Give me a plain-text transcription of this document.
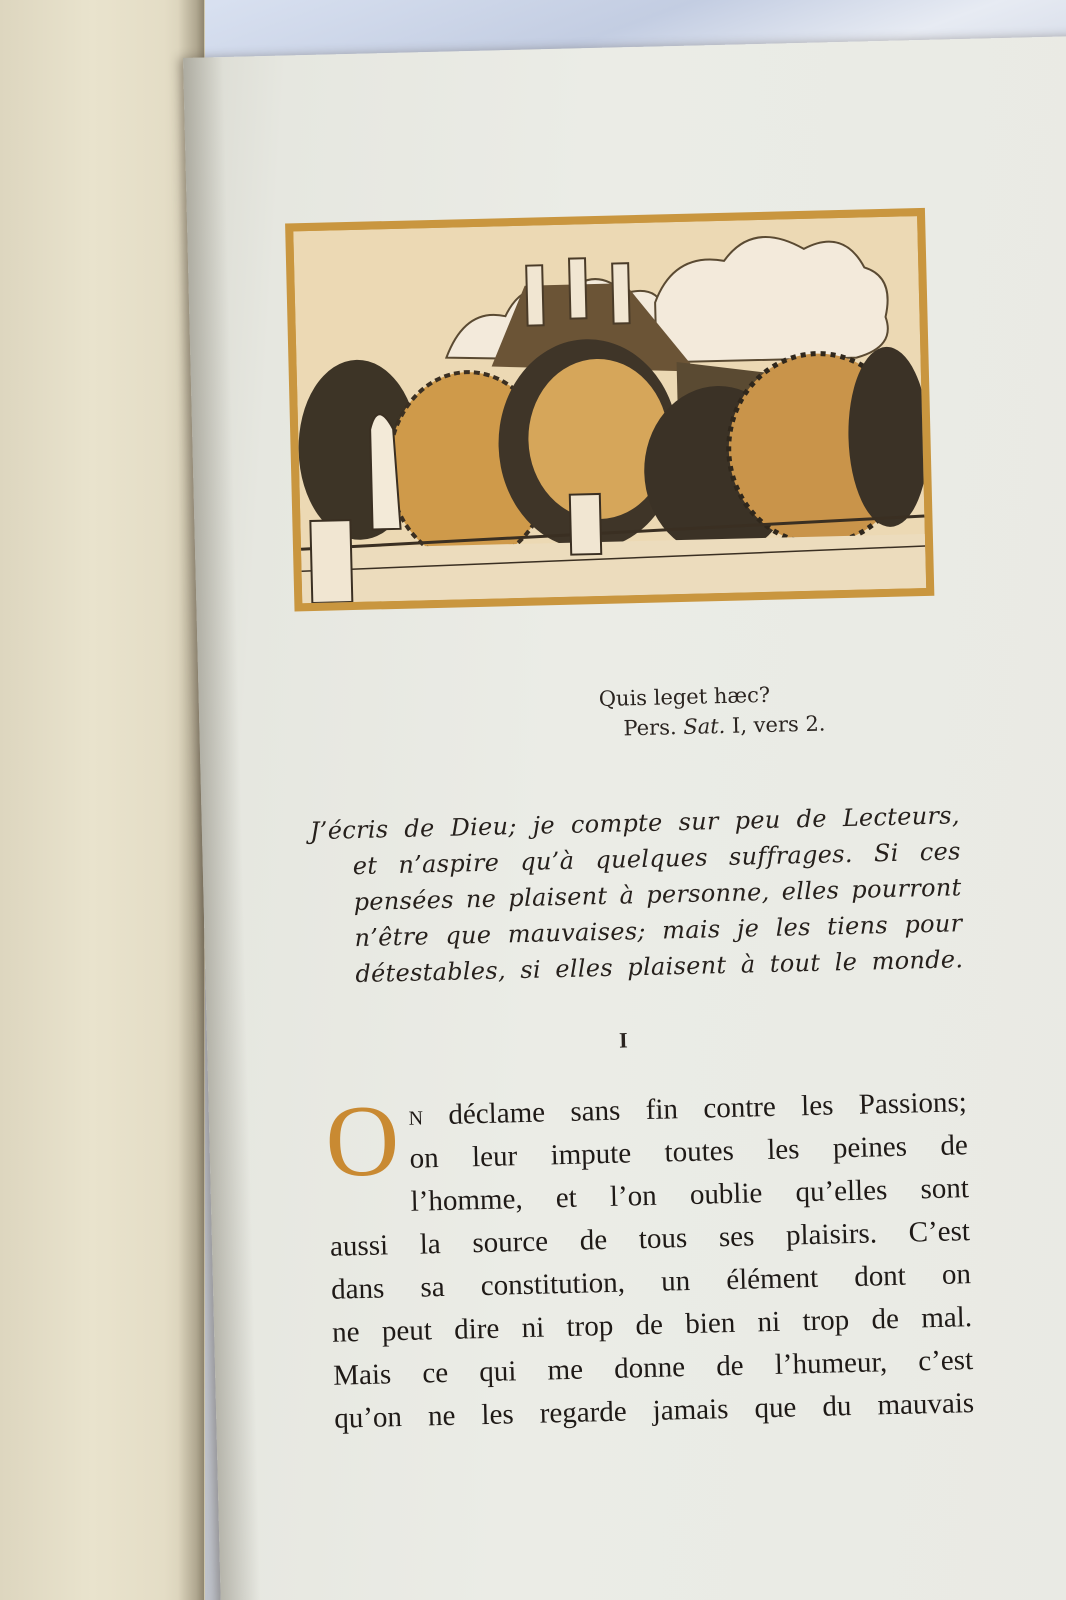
Quis leget hæc?
Pers. Sat. I, vers 2.
J’écris de Dieu; je compte sur peu de Lecteurs,
et n’aspire qu’à quelques suffrages. Si ces
pensées ne plaisent à personne, elles pourront
n’être que mauvaises; mais je les tiens pour
détestables, si elles plaisent à tout le monde.
I
O n déclame sans fin contre les Passions;
on leur impute toutes les peines de
l’homme, et l’on oublie qu’elles sont
aussi la source de tous ses plaisirs. C’est
dans sa constitution, un élément dont on
ne peut dire ni trop de bien ni trop de mal.
Mais ce qui me donne de l’humeur, c’est
qu’on ne les regarde jamais que du mauvais
